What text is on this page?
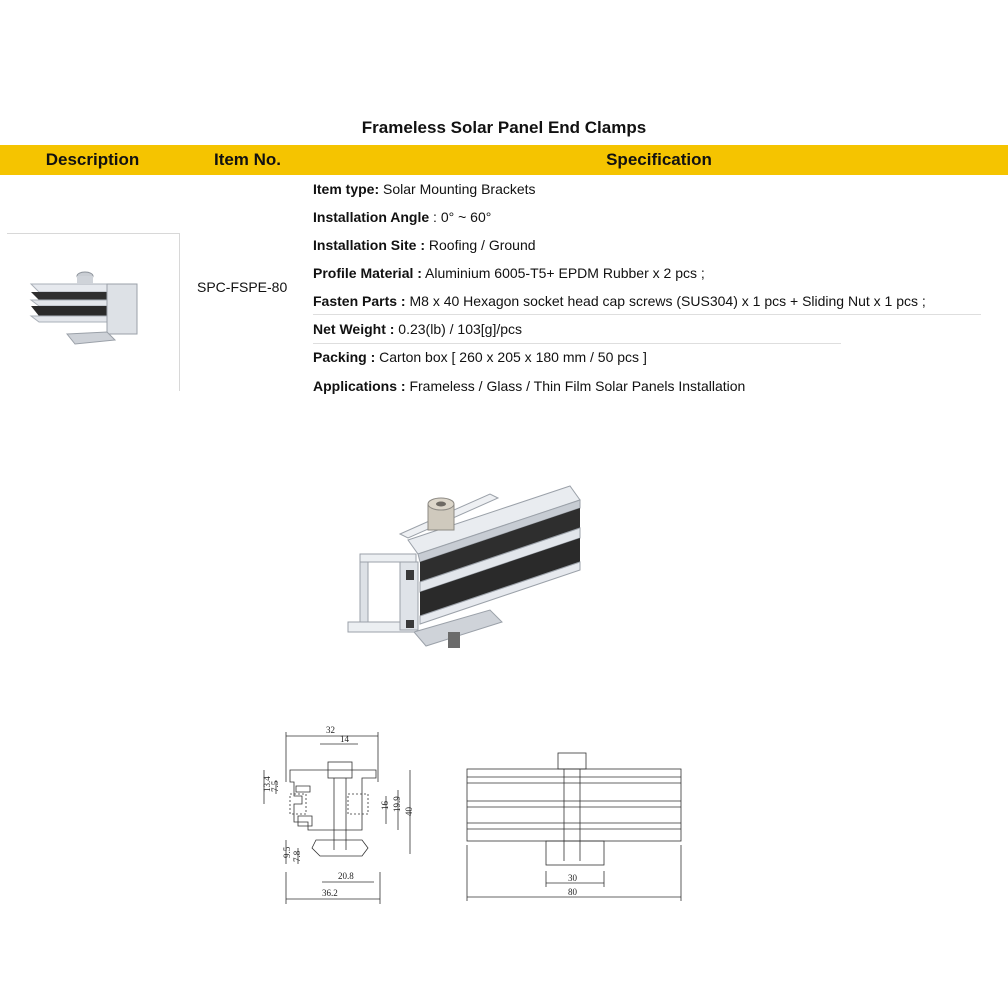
Frameless Solar Panel End Clamps
Description	Item No.	Specification
SPC-FSPE-80
Item type: Solar Mounting Brackets
Installation Angle : 0° ~ 60°
Installation Site : Roofing / Ground
Profile Material : Aluminium 6005-T5+ EPDM Rubber x 2 pcs ;
Fasten Parts : M8 x 40 Hexagon socket head cap screws (SUS304) x 1 pcs + Sliding Nut x 1 pcs ;
Net Weight : 0.23(lb) / 103[g]/pcs
Packing : Carton box [ 260 x 205 x 180 mm / 50 pcs ]
Applications : Frameless / Glass / Thin Film Solar Panels Installation
32
14
13.4
7.5
16 19.9 40
9.5 7.8
20.8
36.2
30
80
